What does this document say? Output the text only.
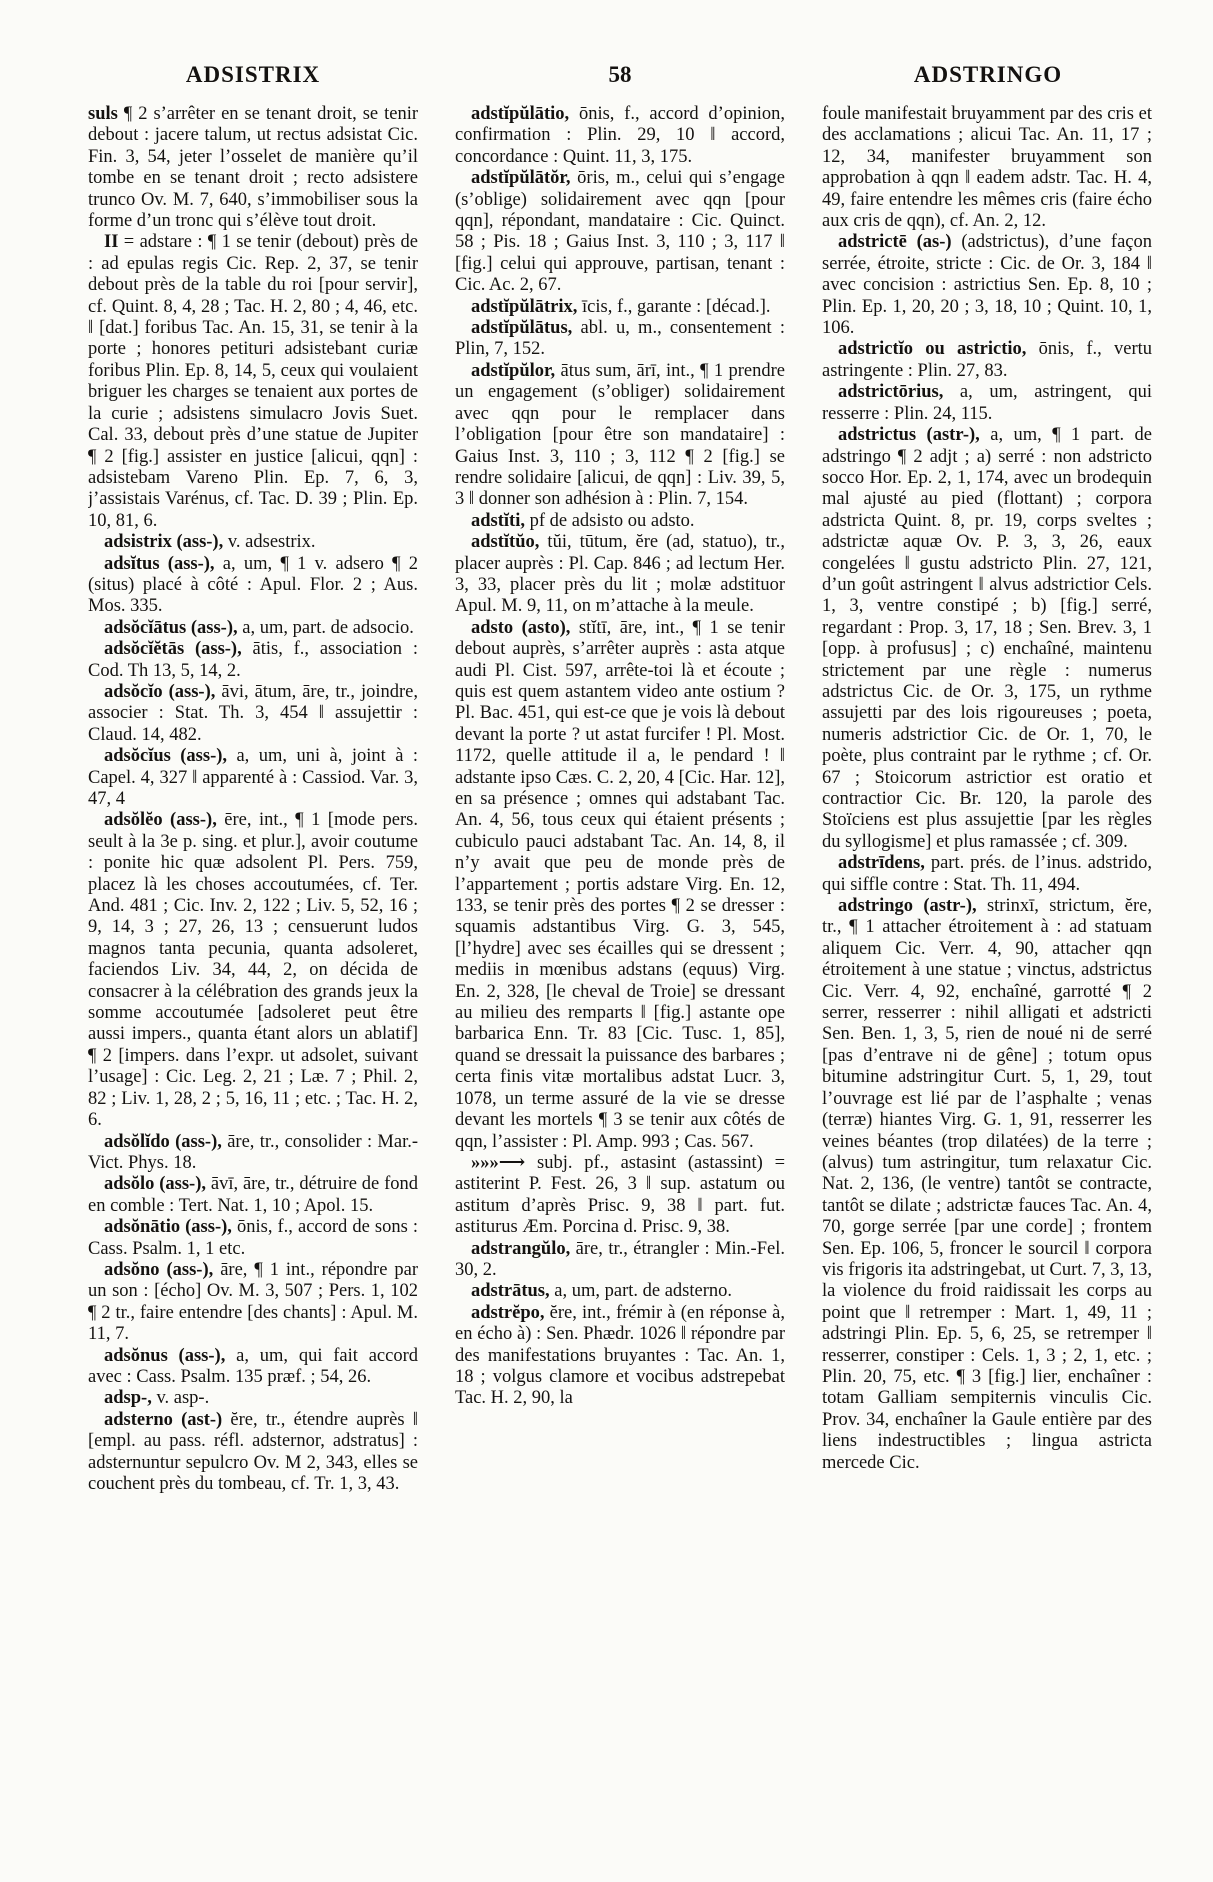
ADSISTRIX	58	ADSTRINGO

suls ¶ 2 s’arrêter en se tenant droit, se tenir debout : jacere talum, ut rectus adsistat Cic. Fin. 3, 54, jeter l’osselet de manière qu’il tombe en se tenant droit ; recto adsistere trunco Ov. M. 7, 640, s’immobiliser sous la forme d’un tronc qui s’élève tout droit.

II = adstare : ¶ 1 se tenir (debout) près de : ad epulas regis Cic. Rep. 2, 37, se tenir debout près de la table du roi [pour servir], cf. Quint. 8, 4, 28 ; Tac. H. 2, 80 ; 4, 46, etc. ‖ [dat.] foribus Tac. An. 15, 31, se tenir à la porte ; honores petituri adsistebant curiæ foribus Plin. Ep. 8, 14, 5, ceux qui voulaient briguer les charges se tenaient aux portes de la curie ; adsistens simulacro Jovis Suet. Cal. 33, debout près d’une statue de Jupiter ¶ 2 [fig.] assister en justice [alicui, qqn] : adsistebam Vareno Plin. Ep. 7, 6, 3, j’assistais Varénus, cf. Tac. D. 39 ; Plin. Ep. 10, 81, 6.

adsistrix (ass-), v. adsestrix.

adsĭtus (ass-), a, um, ¶ 1 v. adsero ¶ 2 (situs) placé à côté : Apul. Flor. 2 ; Aus. Mos. 335.

adsŏcĭātus (ass-), a, um, part. de adsocio.

adsŏcĭĕtās (ass-), ātis, f., association : Cod. Th 13, 5, 14, 2.

adsŏcĭo (ass-), āvi, ātum, āre, tr., joindre, associer : Stat. Th. 3, 454 ‖ assujettir : Claud. 14, 482.

adsŏcĭus (ass-), a, um, uni à, joint à : Capel. 4, 327 ‖ apparenté à : Cassiod. Var. 3, 47, 4

adsŏlĕo (ass-), ēre, int., ¶ 1 [mode pers. seult à la 3e p. sing. et plur.], avoir coutume : ponite hic quæ adsolent Pl. Pers. 759, placez là les choses accoutumées, cf. Ter. And. 481 ; Cic. Inv. 2, 122 ; Liv. 5, 52, 16 ; 9, 14, 3 ; 27, 26, 13 ; censuerunt ludos magnos tanta pecunia, quanta adsoleret, faciendos Liv. 34, 44, 2, on décida de consacrer à la célébration des grands jeux la somme accoutumée [adsoleret peut être aussi impers., quanta étant alors un ablatif] ¶ 2 [impers. dans l’expr. ut adsolet, suivant l’usage] : Cic. Leg. 2, 21 ; Læ. 7 ; Phil. 2, 82 ; Liv. 1, 28, 2 ; 5, 16, 11 ; etc. ; Tac. H. 2, 6.

adsŏlĭdo (ass-), āre, tr., consolider : Mar.-Vict. Phys. 18.

adsŏlo (ass-), āvī, āre, tr., détruire de fond en comble : Tert. Nat. 1, 10 ; Apol. 15.

adsŏnātio (ass-), ōnis, f., accord de sons : Cass. Psalm. 1, 1 etc.

adsŏno (ass-), āre, ¶ 1 int., répondre par un son : [écho] Ov. M. 3, 507 ; Pers. 1, 102 ¶ 2 tr., faire entendre [des chants] : Apul. M. 11, 7.

adsŏnus (ass-), a, um, qui fait accord avec : Cass. Psalm. 135 præf. ; 54, 26.

adsp-, v. asp-.

adsterno (ast-) ĕre, tr., étendre auprès ‖ [empl. au pass. réfl. adsternor, adstratus] : adsternuntur sepulcro Ov. M 2, 343, elles se couchent près du tombeau, cf. Tr. 1, 3, 43.

adstĭpŭlātio, ōnis, f., accord d’opinion, confirmation : Plin. 29, 10 ‖ accord, concordance : Quint. 11, 3, 175.

adstĭpŭlātŏr, ōris, m., celui qui s’engage (s’oblige) solidairement avec qqn [pour qqn], répondant, mandataire : Cic. Quinct. 58 ; Pis. 18 ; Gaius Inst. 3, 110 ; 3, 117 ‖ [fig.] celui qui approuve, partisan, tenant : Cic. Ac. 2, 67.

adstĭpŭlātrix, īcis, f., garante : [décad.].

adstĭpŭlātus, abl. u, m., consentement : Plin, 7, 152.

adstĭpŭlor, ātus sum, ārī, int., ¶ 1 prendre un engagement (s’obliger) solidairement avec qqn pour le remplacer dans l’obligation [pour être son mandataire] : Gaius Inst. 3, 110 ; 3, 112 ¶ 2 [fig.] se rendre solidaire [alicui, de qqn] : Liv. 39, 5, 3 ‖ donner son adhésion à : Plin. 7, 154.

adstĭti, pf de adsisto ou adsto.

adstĭtŭo, tŭi, tūtum, ĕre (ad, statuo), tr., placer auprès : Pl. Cap. 846 ; ad lectum Her. 3, 33, placer près du lit ; molæ adstituor Apul. M. 9, 11, on m’attache à la meule.

adsto (asto), stĭtī, āre, int., ¶ 1 se tenir debout auprès, s’arrêter auprès : asta atque audi Pl. Cist. 597, arrête-toi là et écoute ; quis est quem astantem video ante ostium ? Pl. Bac. 451, qui est-ce que je vois là debout devant la porte ? ut astat furcifer ! Pl. Most. 1172, quelle attitude il a, le pendard ! ‖ adstante ipso Cæs. C. 2, 20, 4 [Cic. Har. 12], en sa présence ; omnes qui adstabant Tac. An. 4, 56, tous ceux qui étaient présents ; cubiculo pauci adstabant Tac. An. 14, 8, il n’y avait que peu de monde près de l’appartement ; portis adstare Virg. En. 12, 133, se tenir près des portes ¶ 2 se dresser : squamis adstantibus Virg. G. 3, 545, [l’hydre] avec ses écailles qui se dressent ; mediis in mœnibus adstans (equus) Virg. En. 2, 328, [le cheval de Troie] se dressant au milieu des remparts ‖ [fig.] astante ope barbarica Enn. Tr. 83 [Cic. Tusc. 1, 85], quand se dressait la puissance des barbares ; certa finis vitæ mortalibus adstat Lucr. 3, 1078, un terme assuré de la vie se dresse devant les mortels ¶ 3 se tenir aux côtés de qqn, l’assister : Pl. Amp. 993 ; Cas. 567.

»»»⟶ subj. pf., astasint (astassint) = astiterint P. Fest. 26, 3 ‖ sup. astatum ou astitum d’après Prisc. 9, 38 ‖ part. fut. astiturus Æm. Porcina d. Prisc. 9, 38.

adstrangŭlo, āre, tr., étrangler : Min.-Fel. 30, 2.

adstrātus, a, um, part. de adsterno.

adstrĕpo, ĕre, int., frémir à (en réponse à, en écho à) : Sen. Phædr. 1026 ‖ répondre par des manifestations bruyantes : Tac. An. 1, 18 ; volgus clamore et vocibus adstrepebat Tac. H. 2, 90, la

foule manifestait bruyamment par des cris et des acclamations ; alicui Tac. An. 11, 17 ; 12, 34, manifester bruyamment son approbation à qqn ‖ eadem adstr. Tac. H. 4, 49, faire entendre les mêmes cris (faire écho aux cris de qqn), cf. An. 2, 12.

adstrictē (as-) (adstrictus), d’une façon serrée, étroite, stricte : Cic. de Or. 3, 184 ‖ avec concision : astrictius Sen. Ep. 8, 10 ; Plin. Ep. 1, 20, 20 ; 3, 18, 10 ; Quint. 10, 1, 106.

adstrictĭo ou astrictio, ōnis, f., vertu astringente : Plin. 27, 83.

adstrictōrius, a, um, astringent, qui resserre : Plin. 24, 115.

adstrictus (astr-), a, um, ¶ 1 part. de adstringo ¶ 2 adjt ; a) serré : non adstricto socco Hor. Ep. 2, 1, 174, avec un brodequin mal ajusté au pied (flottant) ; corpora adstricta Quint. 8, pr. 19, corps sveltes ; adstrictæ aquæ Ov. P. 3, 3, 26, eaux congelées ‖ gustu adstricto Plin. 27, 121, d’un goût astringent ‖ alvus adstrictior Cels. 1, 3, ventre constipé ; b) [fig.] serré, regardant : Prop. 3, 17, 18 ; Sen. Brev. 3, 1 [opp. à profusus] ; c) enchaîné, maintenu strictement par une règle : numerus adstrictus Cic. de Or. 3, 175, un rythme assujetti par des lois rigoureuses ; poeta, numeris adstrictior Cic. de Or. 1, 70, le poète, plus contraint par le rythme ; cf. Or. 67 ; Stoicorum astrictior est oratio et contractior Cic. Br. 120, la parole des Stoïciens est plus assujettie [par les règles du syllogisme] et plus ramassée ; cf. 309.

adstrīdens, part. prés. de l’inus. adstrido, qui siffle contre : Stat. Th. 11, 494.

adstringo (astr-), strinxī, strictum, ĕre, tr., ¶ 1 attacher étroitement à : ad statuam aliquem Cic. Verr. 4, 90, attacher qqn étroitement à une statue ; vinctus, adstrictus Cic. Verr. 4, 92, enchaîné, garrotté ¶ 2 serrer, resserrer : nihil alligati et adstricti Sen. Ben. 1, 3, 5, rien de noué ni de serré [pas d’entrave ni de gêne] ; totum opus bitumine adstringitur Curt. 5, 1, 29, tout l’ouvrage est lié par de l’asphalte ; venas (terræ) hiantes Virg. G. 1, 91, resserrer les veines béantes (trop dilatées) de la terre ; (alvus) tum astringitur, tum relaxatur Cic. Nat. 2, 136, (le ventre) tantôt se contracte, tantôt se dilate ; adstrictæ fauces Tac. An. 4, 70, gorge serrée [par une corde] ; frontem Sen. Ep. 106, 5, froncer le sourcil ‖ corpora vis frigoris ita adstringebat, ut Curt. 7, 3, 13, la violence du froid raidissait les corps au point que ‖ retremper : Mart. 1, 49, 11 ; adstringi Plin. Ep. 5, 6, 25, se retremper ‖ resserrer, constiper : Cels. 1, 3 ; 2, 1, etc. ; Plin. 20, 75, etc. ¶ 3 [fig.] lier, enchaîner : totam Galliam sempiternis vinculis Cic. Prov. 34, enchaîner la Gaule entière par des liens indestructibles ; lingua astricta mercede Cic.
